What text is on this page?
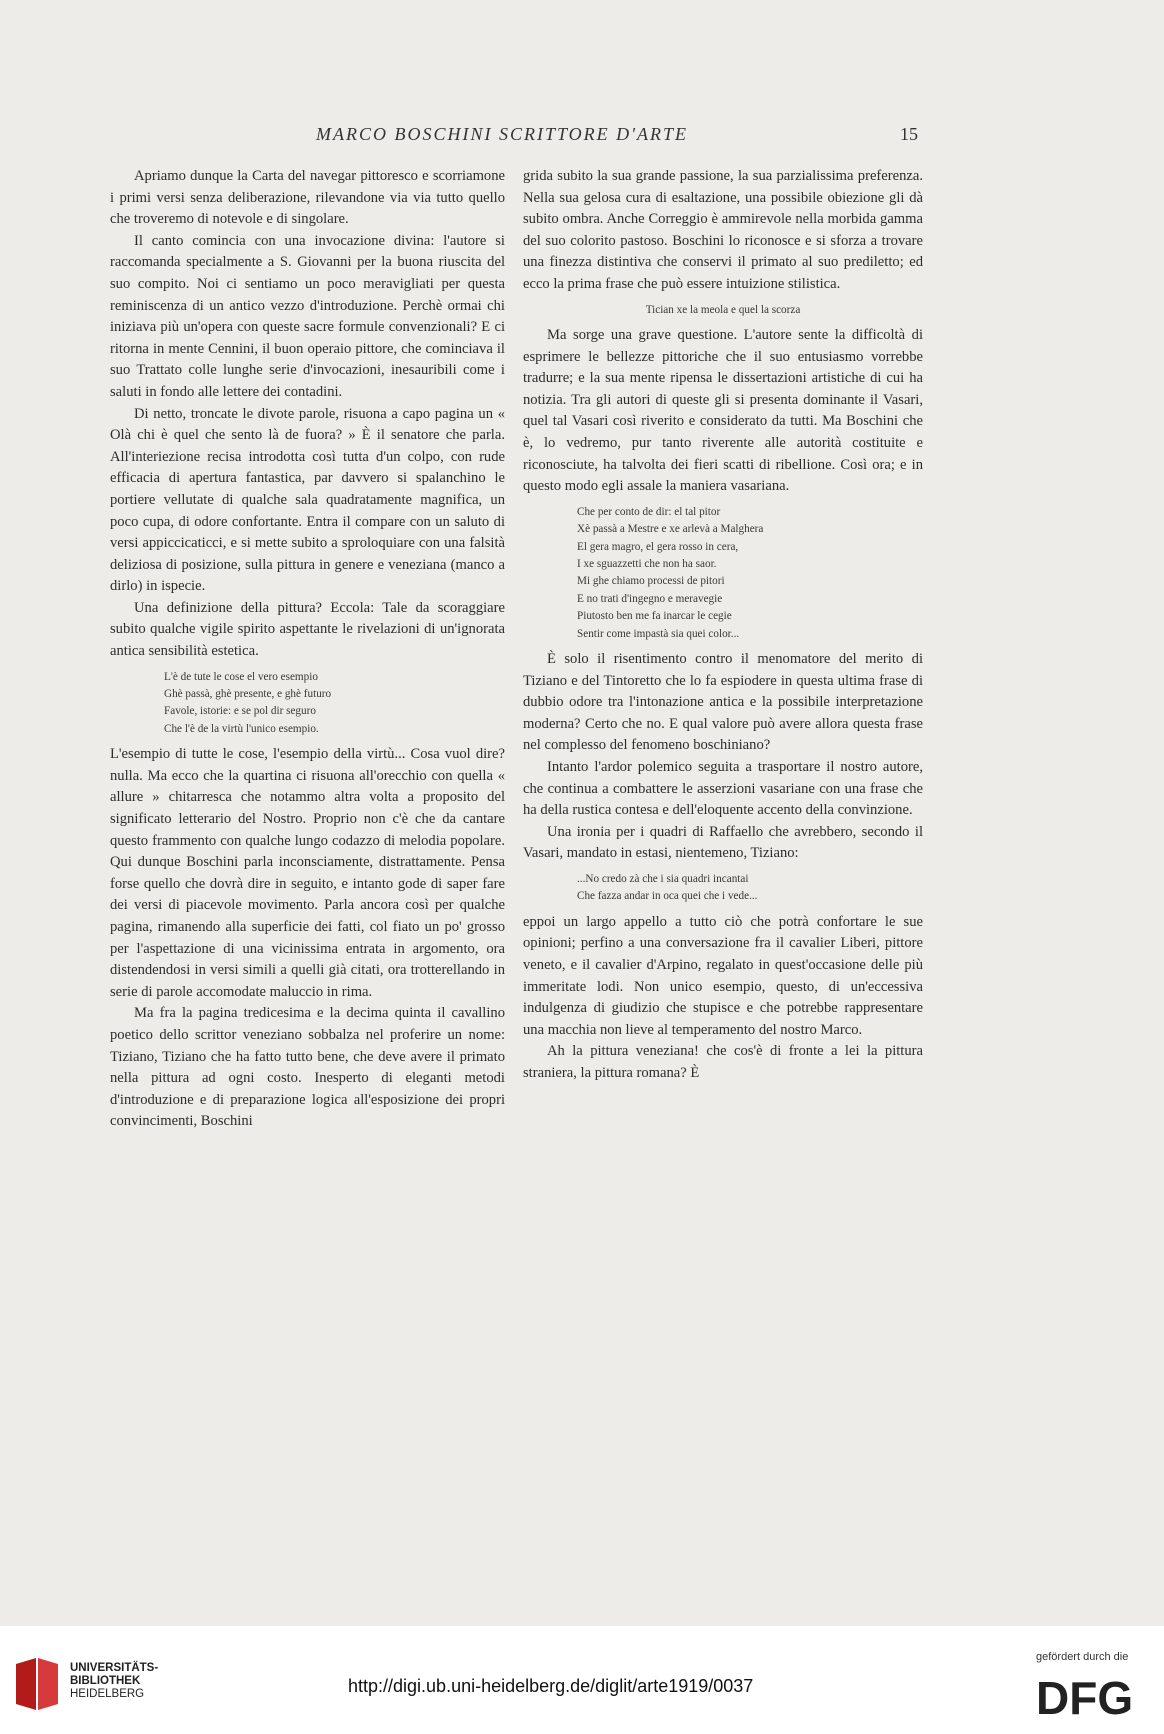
MARCO BOSCHINI SCRITTORE D'ARTE	15

Apriamo dunque la Carta del navegar pittoresco e scorriamone i primi versi senza deliberazione, rilevandone via via tutto quello che troveremo di notevole e di singolare.

Il canto comincia con una invocazione divina: l'autore si raccomanda specialmente a S. Giovanni per la buona riuscita del suo compito. Noi ci sentiamo un poco meravigliati per questa reminiscenza di un antico vezzo d'introduzione. Perchè ormai chi iniziava più un'opera con queste sacre formule convenzionali? E ci ritorna in mente Cennini, il buon operaio pittore, che cominciava il suo Trattato colle lunghe serie d'invocazioni, inesauribili come i saluti in fondo alle lettere dei contadini.

Di netto, troncate le divote parole, risuona a capo pagina un « Olà chi è quel che sento là de fuora? » È il senatore che parla. All'interiezione recisa introdotta così tutta d'un colpo, con rude efficacia di apertura fantastica, par davvero si spalanchino le portiere vellutate di qualche sala quadratamente magnifica, un poco cupa, di odore confortante. Entra il compare con un saluto di versi appiccicaticci, e si mette subito a sproloquiare con una falsità deliziosa di posizione, sulla pittura in genere e veneziana (manco a dirlo) in ispecie.

Una definizione della pittura? Eccola: Tale da scoraggiare subito qualche vigile spirito aspettante le rivelazioni di un'ignorata antica sensibilità estetica.

L'è de tute le cose el vero esempio
Ghè passà, ghè presente, e ghè futuro
Favole, istorie: e se pol dir seguro
Che l'è de la virtù l'unico esempio.

L'esempio di tutte le cose, l'esempio della virtù... Cosa vuol dire? nulla. Ma ecco che la quartina ci risuona all'orecchio con quella « allure » chitarresca che notammo altra volta a proposito del significato letterario del Nostro. Proprio non c'è che da cantare questo frammento con qualche lungo codazzo di melodia popolare. Qui dunque Boschini parla inconsciamente, distrattamente. Pensa forse quello che dovrà dire in seguito, e intanto gode di saper fare dei versi di piacevole movimento. Parla ancora così per qualche pagina, rimanendo alla superficie dei fatti, col fiato un po' grosso per l'aspettazione di una vicinissima entrata in argomento, ora distendendosi in versi simili a quelli già citati, ora trotterellando in serie di parole accomodate maluccio in rima.

Ma fra la pagina tredicesima e la decima quinta il cavallino poetico dello scrittor veneziano sobbalza nel proferire un nome: Tiziano, Tiziano che ha fatto tutto bene, che deve avere il primato nella pittura ad ogni costo. Inesperto di eleganti metodi d'introduzione e di preparazione logica all'esposizione dei propri convincimenti, Boschini

grida subito la sua grande passione, la sua parzialissima preferenza. Nella sua gelosa cura di esaltazione, una possibile obiezione gli dà subito ombra. Anche Correggio è ammirevole nella morbida gamma del suo colorito pastoso. Boschini lo riconosce e si sforza a trovare una finezza distintiva che conservi il primato al suo prediletto; ed ecco la prima frase che può essere intuizione stilistica.

Tician xe la meola e quel la scorza

Ma sorge una grave questione. L'autore sente la difficoltà di esprimere le bellezze pittoriche che il suo entusiasmo vorrebbe tradurre; e la sua mente ripensa le dissertazioni artistiche di cui ha notizia. Tra gli autori di queste gli si presenta dominante il Vasari, quel tal Vasari così riverito e considerato da tutti. Ma Boschini che è, lo vedremo, pur tanto riverente alle autorità costituite e riconosciute, ha talvolta dei fieri scatti di ribellione. Così ora; e in questo modo egli assale la maniera vasariana.

Che per conto de dir: el tal pitor
Xè passà a Mestre e xe arlevà a Malghera
El gera magro, el gera rosso in cera,
I xe sguazzetti che non ha saor.
Mi ghe chiamo processi de pitori
E no trati d'ingegno e meravegie
Piutosto ben me fa inarcar le cegie
Sentir come impastà sia quei color...

È solo il risentimento contro il menomatore del merito di Tiziano e del Tintoretto che lo fa espiodere in questa ultima frase di dubbio odore tra l'intonazione antica e la possibile interpretazione moderna? Certo che no. E qual valore può avere allora questa frase nel complesso del fenomeno boschiniano?

Intanto l'ardor polemico seguita a trasportare il nostro autore, che continua a combattere le asserzioni vasariane con una frase che ha della rustica contesa e dell'eloquente accento della convinzione.

Una ironia per i quadri di Raffaello che avrebbero, secondo il Vasari, mandato in estasi, nientemeno, Tiziano:

...No credo zà che i sia quadri incantai
Che fazza andar in oca quei che i vede...

eppoi un largo appello a tutto ciò che potrà confortare le sue opinioni; perfino a una conversazione fra il cavalier Liberi, pittore veneto, e il cavalier d'Arpino, regalato in quest'occasione delle più immeritate lodi. Non unico esempio, questo, di un'eccessiva indulgenza di giudizio che stupisce e che potrebbe rappresentare una macchia non lieve al temperamento del nostro Marco.

Ah la pittura veneziana! che cos'è di fronte a lei la pittura straniera, la pittura romana? È

UNIVERSITÄTS-
BIBLIOTHEK
HEIDELBERG	http://digi.ub.uni-heidelberg.de/diglit/arte1919/0037
gefördert durch die
DFG
